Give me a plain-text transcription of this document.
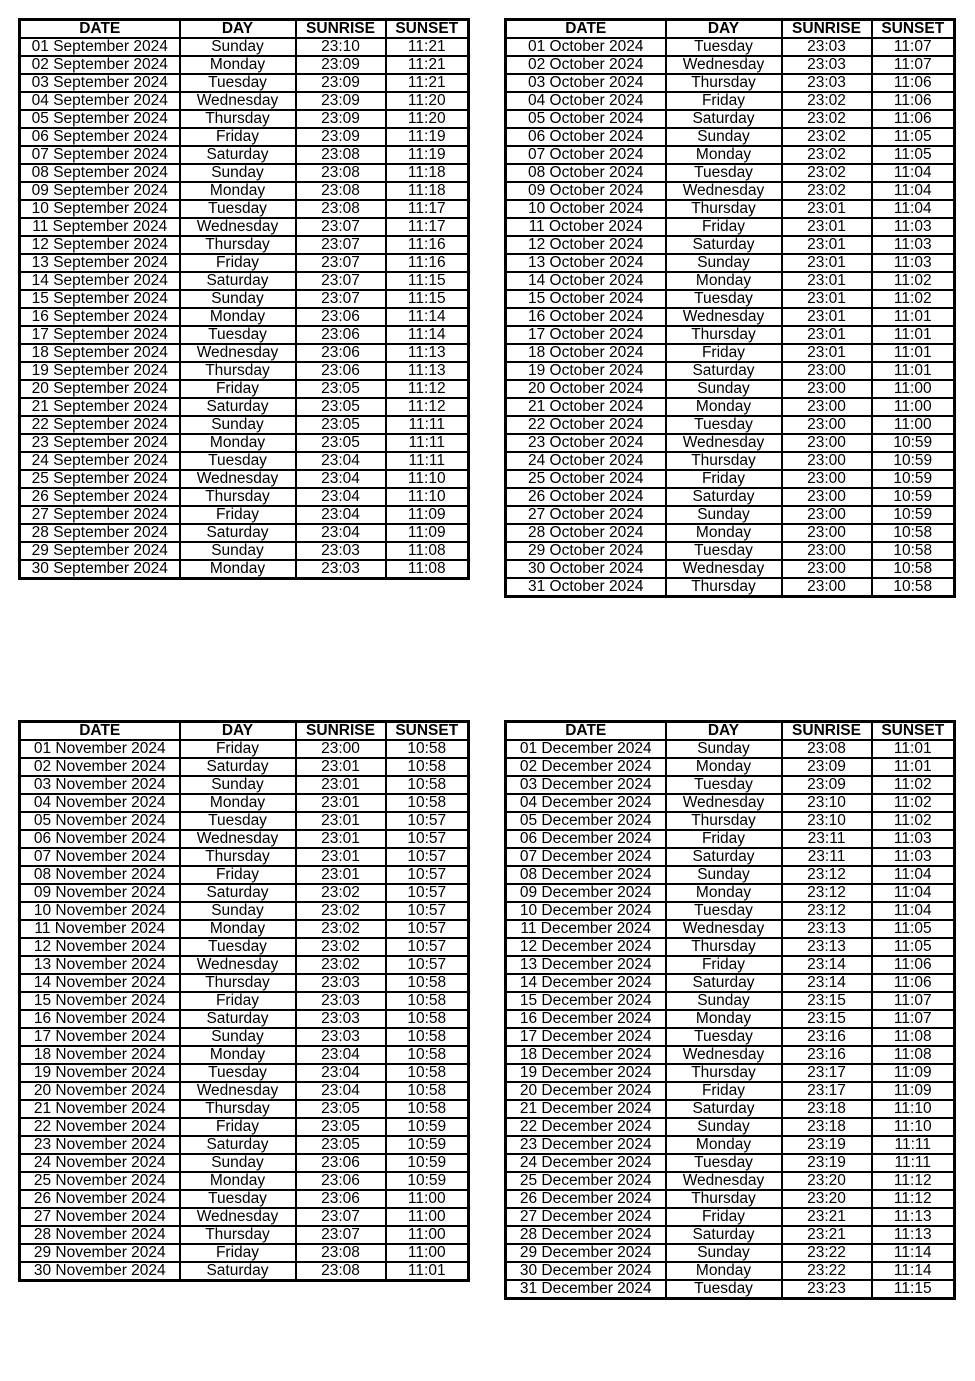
DATE	DAY	SUNRISE	SUNSET
01 September 2024	Sunday	23:10	11:21
02 September 2024	Monday	23:09	11:21
03 September 2024	Tuesday	23:09	11:21
04 September 2024	Wednesday	23:09	11:20
05 September 2024	Thursday	23:09	11:20
06 September 2024	Friday	23:09	11:19
07 September 2024	Saturday	23:08	11:19
08 September 2024	Sunday	23:08	11:18
09 September 2024	Monday	23:08	11:18
10 September 2024	Tuesday	23:08	11:17
11 September 2024	Wednesday	23:07	11:17
12 September 2024	Thursday	23:07	11:16
13 September 2024	Friday	23:07	11:16
14 September 2024	Saturday	23:07	11:15
15 September 2024	Sunday	23:07	11:15
16 September 2024	Monday	23:06	11:14
17 September 2024	Tuesday	23:06	11:14
18 September 2024	Wednesday	23:06	11:13
19 September 2024	Thursday	23:06	11:13
20 September 2024	Friday	23:05	11:12
21 September 2024	Saturday	23:05	11:12
22 September 2024	Sunday	23:05	11:11
23 September 2024	Monday	23:05	11:11
24 September 2024	Tuesday	23:04	11:11
25 September 2024	Wednesday	23:04	11:10
26 September 2024	Thursday	23:04	11:10
27 September 2024	Friday	23:04	11:09
28 September 2024	Saturday	23:04	11:09
29 September 2024	Sunday	23:03	11:08
30 September 2024	Monday	23:03	11:08
DATE	DAY	SUNRISE	SUNSET
01 October 2024	Tuesday	23:03	11:07
02 October 2024	Wednesday	23:03	11:07
03 October 2024	Thursday	23:03	11:06
04 October 2024	Friday	23:02	11:06
05 October 2024	Saturday	23:02	11:06
06 October 2024	Sunday	23:02	11:05
07 October 2024	Monday	23:02	11:05
08 October 2024	Tuesday	23:02	11:04
09 October 2024	Wednesday	23:02	11:04
10 October 2024	Thursday	23:01	11:04
11 October 2024	Friday	23:01	11:03
12 October 2024	Saturday	23:01	11:03
13 October 2024	Sunday	23:01	11:03
14 October 2024	Monday	23:01	11:02
15 October 2024	Tuesday	23:01	11:02
16 October 2024	Wednesday	23:01	11:01
17 October 2024	Thursday	23:01	11:01
18 October 2024	Friday	23:01	11:01
19 October 2024	Saturday	23:00	11:01
20 October 2024	Sunday	23:00	11:00
21 October 2024	Monday	23:00	11:00
22 October 2024	Tuesday	23:00	11:00
23 October 2024	Wednesday	23:00	10:59
24 October 2024	Thursday	23:00	10:59
25 October 2024	Friday	23:00	10:59
26 October 2024	Saturday	23:00	10:59
27 October 2024	Sunday	23:00	10:59
28 October 2024	Monday	23:00	10:58
29 October 2024	Tuesday	23:00	10:58
30 October 2024	Wednesday	23:00	10:58
31 October 2024	Thursday	23:00	10:58
DATE	DAY	SUNRISE	SUNSET
01 November 2024	Friday	23:00	10:58
02 November 2024	Saturday	23:01	10:58
03 November 2024	Sunday	23:01	10:58
04 November 2024	Monday	23:01	10:58
05 November 2024	Tuesday	23:01	10:57
06 November 2024	Wednesday	23:01	10:57
07 November 2024	Thursday	23:01	10:57
08 November 2024	Friday	23:01	10:57
09 November 2024	Saturday	23:02	10:57
10 November 2024	Sunday	23:02	10:57
11 November 2024	Monday	23:02	10:57
12 November 2024	Tuesday	23:02	10:57
13 November 2024	Wednesday	23:02	10:57
14 November 2024	Thursday	23:03	10:58
15 November 2024	Friday	23:03	10:58
16 November 2024	Saturday	23:03	10:58
17 November 2024	Sunday	23:03	10:58
18 November 2024	Monday	23:04	10:58
19 November 2024	Tuesday	23:04	10:58
20 November 2024	Wednesday	23:04	10:58
21 November 2024	Thursday	23:05	10:58
22 November 2024	Friday	23:05	10:59
23 November 2024	Saturday	23:05	10:59
24 November 2024	Sunday	23:06	10:59
25 November 2024	Monday	23:06	10:59
26 November 2024	Tuesday	23:06	11:00
27 November 2024	Wednesday	23:07	11:00
28 November 2024	Thursday	23:07	11:00
29 November 2024	Friday	23:08	11:00
30 November 2024	Saturday	23:08	11:01
DATE	DAY	SUNRISE	SUNSET
01 December 2024	Sunday	23:08	11:01
02 December 2024	Monday	23:09	11:01
03 December 2024	Tuesday	23:09	11:02
04 December 2024	Wednesday	23:10	11:02
05 December 2024	Thursday	23:10	11:02
06 December 2024	Friday	23:11	11:03
07 December 2024	Saturday	23:11	11:03
08 December 2024	Sunday	23:12	11:04
09 December 2024	Monday	23:12	11:04
10 December 2024	Tuesday	23:12	11:04
11 December 2024	Wednesday	23:13	11:05
12 December 2024	Thursday	23:13	11:05
13 December 2024	Friday	23:14	11:06
14 December 2024	Saturday	23:14	11:06
15 December 2024	Sunday	23:15	11:07
16 December 2024	Monday	23:15	11:07
17 December 2024	Tuesday	23:16	11:08
18 December 2024	Wednesday	23:16	11:08
19 December 2024	Thursday	23:17	11:09
20 December 2024	Friday	23:17	11:09
21 December 2024	Saturday	23:18	11:10
22 December 2024	Sunday	23:18	11:10
23 December 2024	Monday	23:19	11:11
24 December 2024	Tuesday	23:19	11:11
25 December 2024	Wednesday	23:20	11:12
26 December 2024	Thursday	23:20	11:12
27 December 2024	Friday	23:21	11:13
28 December 2024	Saturday	23:21	11:13
29 December 2024	Sunday	23:22	11:14
30 December 2024	Monday	23:22	11:14
31 December 2024	Tuesday	23:23	11:15
